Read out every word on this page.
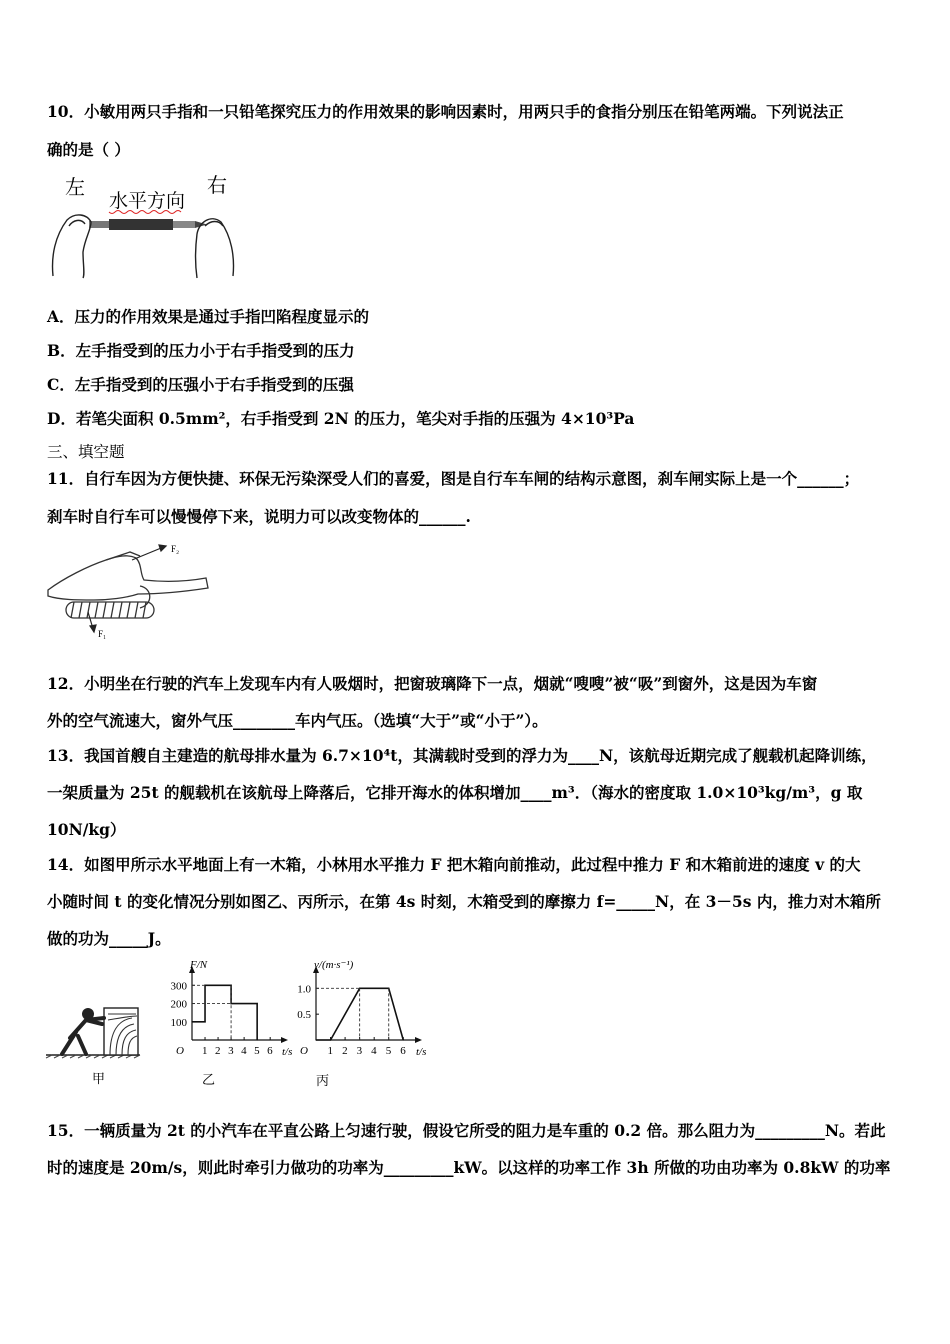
10．小敏用两只手指和一只铅笔探究压力的作用效果的影响因素时，用两只手的食指分别压在铅笔两端。下列说法正
确的是（ ）
左	右
水平方向
A．压力的作用效果是通过手指凹陷程度显示的
B．左手指受到的压力小于右手指受到的压力
C．左手指受到的压强小于右手指受到的压强
D．若笔尖面积 0.5mm²，右手指受到 2N 的压力，笔尖对手指的压强为 4×10³Pa
三、填空题
11．自行车因为方便快捷、环保无污染深受人们的喜爱，图是自行车车闸的结构示意图，刹车闸实际上是一个______；
刹车时自行车可以慢慢停下来，说明力可以改变物体的______.
F₂
F₁
12．小明坐在行驶的汽车上发现车内有人吸烟时，把窗玻璃降下一点，烟就“嗖嗖”被“吸”到窗外，这是因为车窗
外的空气流速大，窗外气压________车内气压。（选填“大于”或“小于”）。
13．我国首艘自主建造的航母排水量为 6.7×10⁴t，其满载时受到的浮力为____N，该航母近期完成了舰载机起降训练，
一架质量为 25t 的舰载机在该航母上降落后，它排开海水的体积增加____m³．（海水的密度取 1.0×10³kg/m³，g 取
10N/kg）
14．如图甲所示水平地面上有一木箱，小林用水平推力 F 把木箱向前推动，此过程中推力 F 和木箱前进的速度 v 的大
小随时间 t 的变化情况分别如图乙、丙所示，在第 4s 时刻，木箱受到的摩擦力 f=_____N，在 3－5s 内，推力对木箱所
做的功为_____J。
甲
1 2 3 4 5 6
100
200
300
O	t/s
F/N
乙
1 2 3 4 5 6
0.5
1.0
O	t/s
v/(m·s⁻¹)
丙
15．一辆质量为 2t 的小汽车在平直公路上匀速行驶，假设它所受的阻力是车重的 0.2 倍。那么阻力为_________N。若此
时的速度是 20m/s，则此时牵引力做功的功率为_________kW。以这样的功率工作 3h 所做的功由功率为 0.8kW 的功率
